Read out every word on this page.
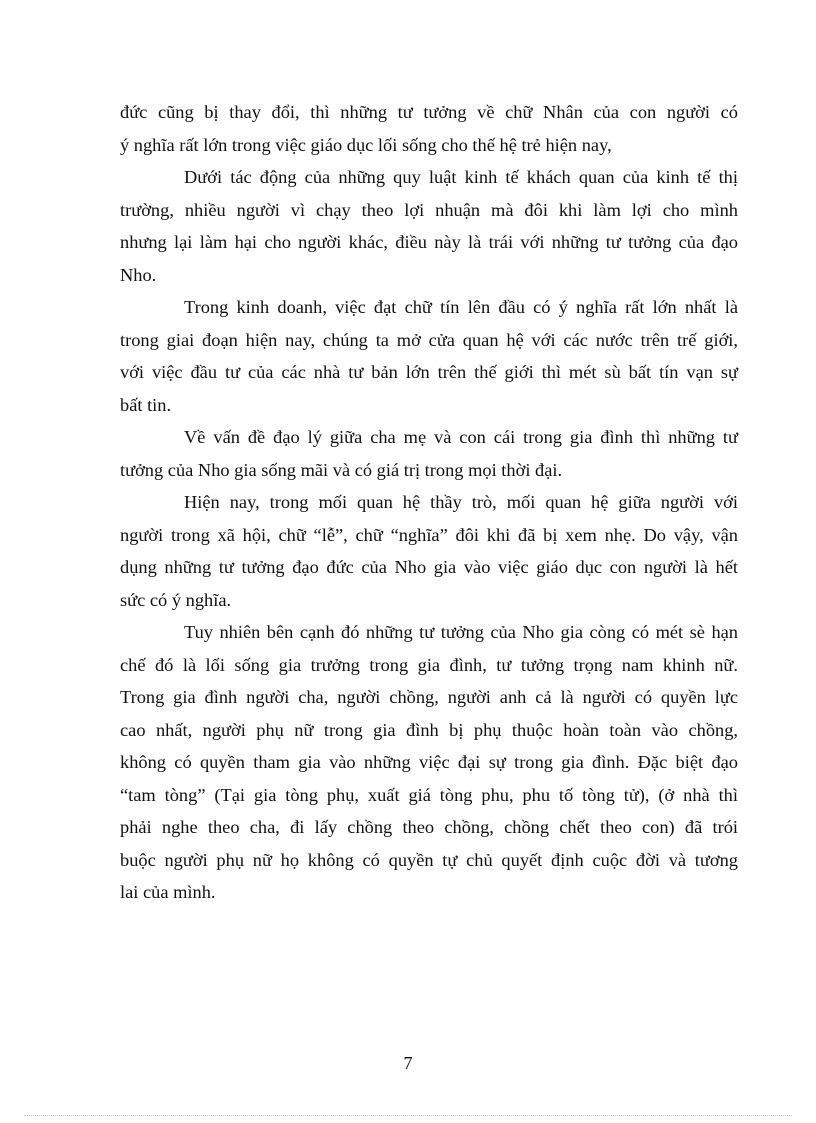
đức cũng bị thay đổi, thì những tư tưởng về chữ Nhân của con người có
ý nghĩa rất lớn trong việc giáo dục lối sống cho thế hệ trẻ hiện nay,
Dưới tác động của những quy luật kinh tế khách quan của kinh tế thị
trường, nhiều người vì chạy theo lợi nhuận mà đôi khi làm lợi cho mình
nhưng lại làm hại cho người khác, điều này là trái với những tư tưởng của đạo
Nho.
Trong kinh doanh, việc đạt chữ tín lên đầu có ý nghĩa rất lớn nhất là
trong giai đoạn hiện nay, chúng ta mở cửa quan hệ với các nước trên trế giới,
với việc đầu tư của các nhà tư bản lớn trên thế giới thì mét sù bất tín vạn sự
bất tin.
Về vấn đề đạo lý giữa cha mẹ và con cái trong gia đình thì những tư
tưởng của Nho gia sống mãi và có giá trị trong mọi thời đại.
Hiện nay, trong mối quan hệ thầy trò, mối quan hệ giữa người với
người trong xã hội, chữ “lễ”, chữ “nghĩa” đôi khi đã bị xem nhẹ. Do vậy, vận
dụng những tư tưởng đạo đức của Nho gia vào việc giáo dục con người là hết
sức có ý nghĩa.
Tuy nhiên bên cạnh đó những tư tưởng của Nho gia còng có mét sè hạn
chế đó là lối sống gia trưởng trong gia đình, tư tưởng trọng nam khinh nữ.
Trong gia đình người cha, người chồng, người anh cả là người có quyền lực
cao nhất, người phụ nữ trong gia đình bị phụ thuộc hoàn toàn vào chồng,
không có quyền tham gia vào những việc đại sự trong gia đình. Đặc biệt đạo
“tam tòng” (Tại gia tòng phụ, xuất giá tòng phu, phu tố tòng tử), (ở nhà thì
phải nghe theo cha, đi lấy chồng theo chồng, chồng chết theo con) đã trói
buộc người phụ nữ họ không có quyền tự chủ quyết định cuộc đời và tương
lai của mình.
7
